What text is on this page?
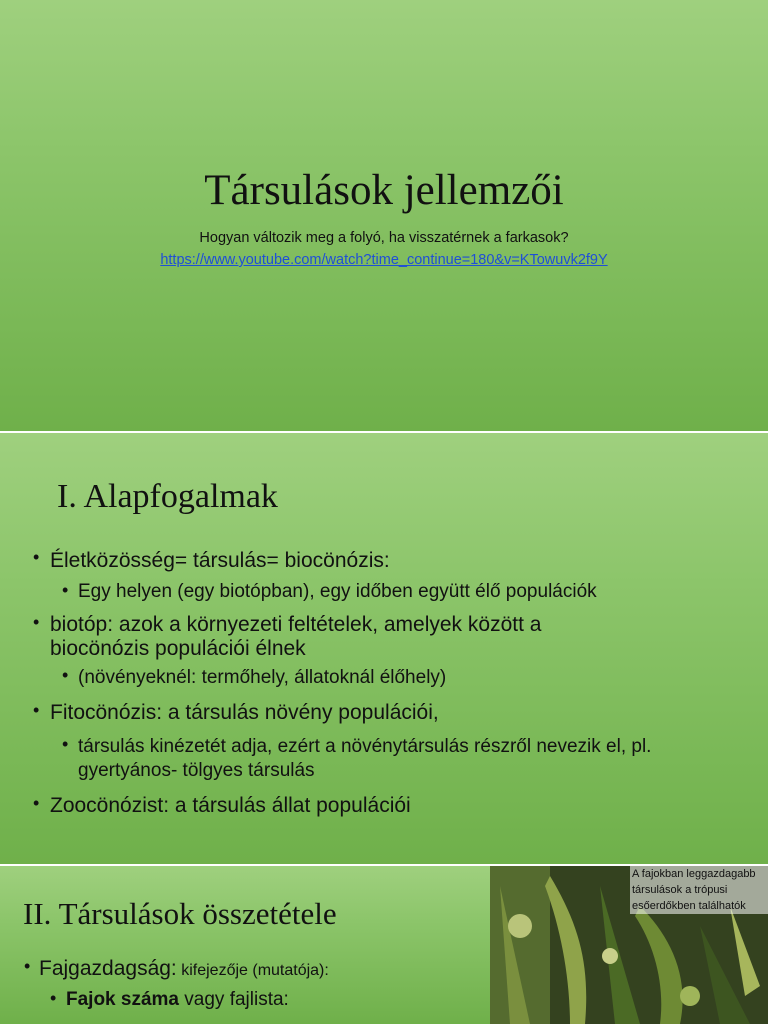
Társulások jellemzői
Hogyan változik meg a folyó, ha visszatérnek a farkasok?
https://www.youtube.com/watch?time_continue=180&v=KTowuvk2f9Y
I. Alapfogalmak
• Életközösség= társulás= biocönózis:
• Egy helyen (egy biotópban), egy időben együtt élő populációk
• biotóp: azok a környezeti feltételek, amelyek között a
biocönózis populációi élnek
• (növényeknél: termőhely, állatoknál élőhely)
• Fitocönózis: a társulás növény populációi,
• társulás kinézetét adja, ezért a növénytársulás részről nevezik el, pl.
gyertyános- tölgyes társulás
• Zoocönózist: a társulás állat populációi
II. Társulások összetétele
• Fajgazdagság: kifejezője (mutatója):
• Fajok száma vagy fajlista:
A fajokban leggazdagabb társulások a trópusi esőerdőkben találhatók
